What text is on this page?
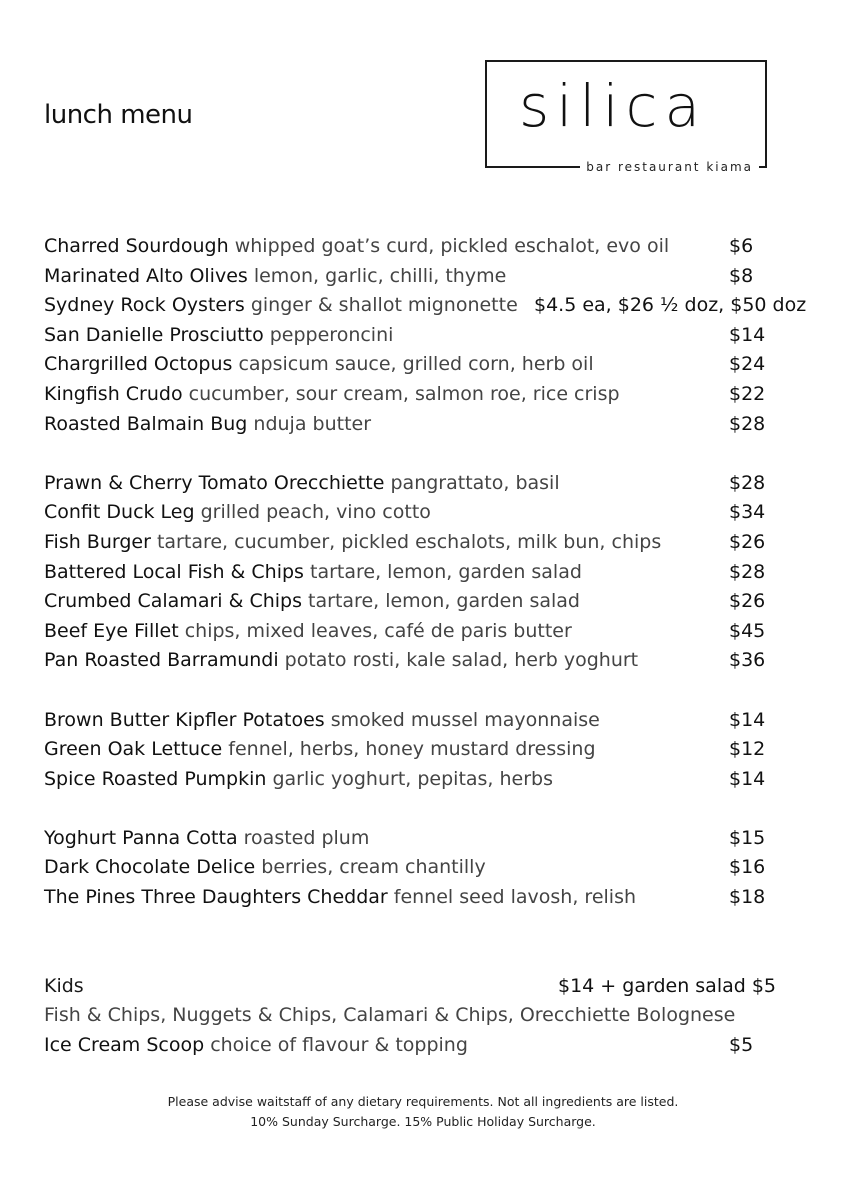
lunch menu	silica
bar restaurant kiama
Charred Sourdough whipped goat’s curd, pickled eschalot, evo oil	$6
Marinated Alto Olives lemon, garlic, chilli, thyme	$8
Sydney Rock Oysters ginger & shallot mignonette $4.5 ea, $26 ½ doz, $50 doz
San Danielle Prosciutto pepperoncini	$14
Chargrilled Octopus capsicum sauce, grilled corn, herb oil	$24
Kingfish Crudo cucumber, sour cream, salmon roe, rice crisp	$22
Roasted Balmain Bug nduja butter	$28
Prawn & Cherry Tomato Orecchiette pangrattato, basil	$28
Confit Duck Leg grilled peach, vino cotto	$34
Fish Burger tartare, cucumber, pickled eschalots, milk bun, chips	$26
Battered Local Fish & Chips tartare, lemon, garden salad	$28
Crumbed Calamari & Chips tartare, lemon, garden salad	$26
Beef Eye Fillet chips, mixed leaves, café de paris butter	$45
Pan Roasted Barramundi potato rosti, kale salad, herb yoghurt	$36
Brown Butter Kipfler Potatoes smoked mussel mayonnaise	$14
Green Oak Lettuce fennel, herbs, honey mustard dressing	$12
Spice Roasted Pumpkin garlic yoghurt, pepitas, herbs	$14
Yoghurt Panna Cotta roasted plum	$15
Dark Chocolate Delice berries, cream chantilly	$16
The Pines Three Daughters Cheddar fennel seed lavosh, relish	$18
Kids	$14 + garden salad $5
Fish & Chips, Nuggets & Chips, Calamari & Chips, Orecchiette Bolognese
Ice Cream Scoop choice of flavour & topping	$5
Please advise waitstaff of any dietary requirements. Not all ingredients are listed.
10% Sunday Surcharge. 15% Public Holiday Surcharge.
